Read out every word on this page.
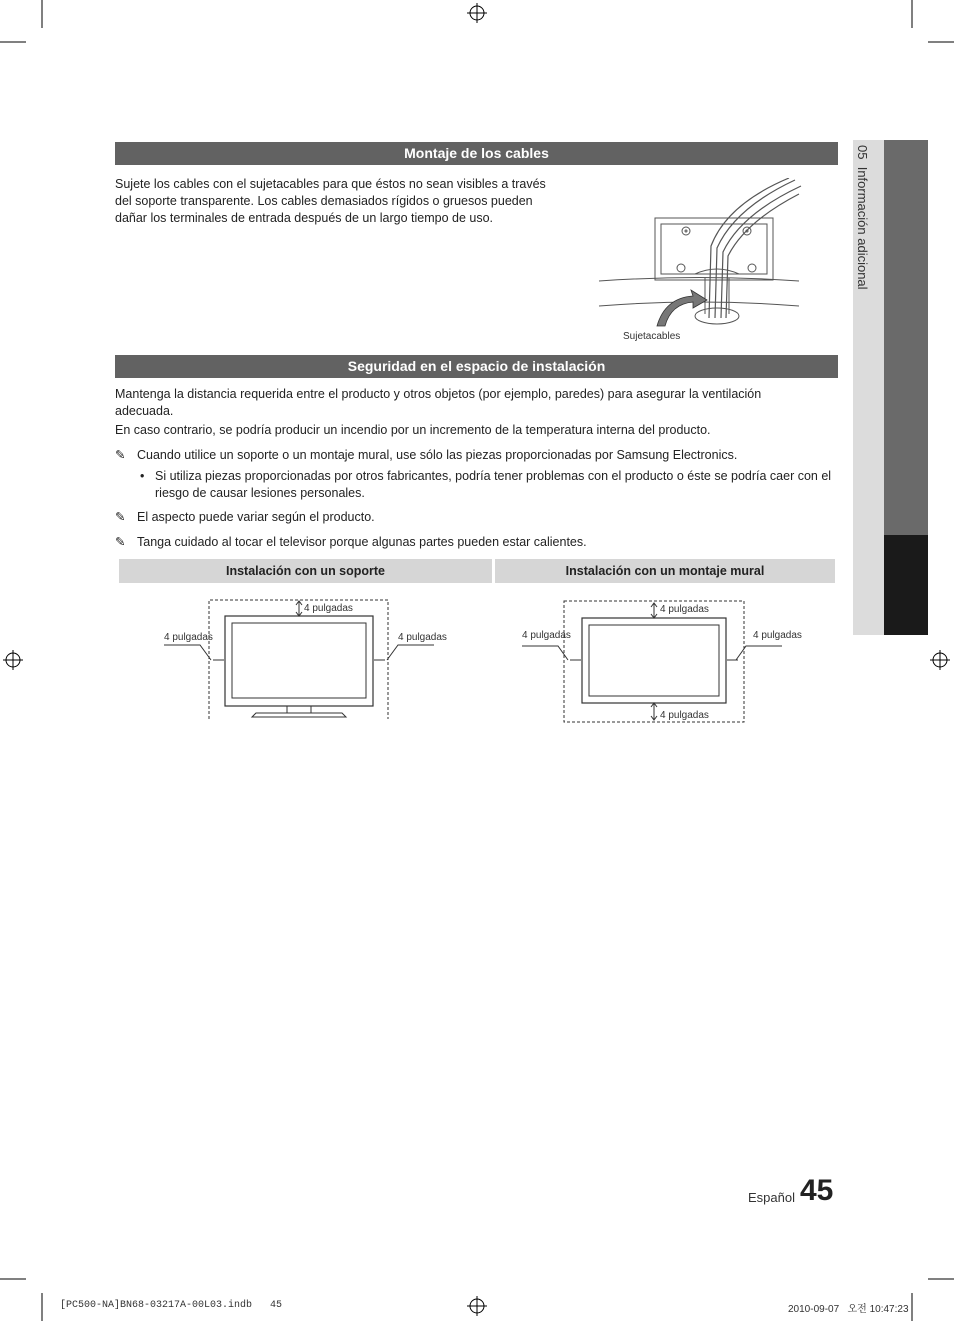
05  Información adicional
Montaje de los cables
Sujete los cables con el sujetacables para que éstos no sean visibles a través
del soporte transparente. Los cables demasiados rígidos o gruesos pueden
dañar los terminales de entrada después de un largo tiempo de uso.
Sujetacables
Seguridad en el espacio de instalación
Mantenga la distancia requerida entre el producto y otros objetos (por ejemplo, paredes) para asegurar la ventilación adecuada.
En caso contrario, se podría producir un incendio por un incremento de la temperatura interna del producto.
✎ Cuando utilice un soporte o un montaje mural, use sólo las piezas proporcionadas por Samsung Electronics.
• Si utiliza piezas proporcionadas por otros fabricantes, podría tener problemas con el producto o éste se podría caer con el riesgo de causar lesiones personales.
✎ El aspecto puede variar según el producto.
✎ Tanga cuidado al tocar el televisor porque algunas partes pueden estar calientes.
Instalación con un soporte	Instalación con un montaje mural
4 pulgadas
4 pulgadas	4 pulgadas
4 pulgadas
4 pulgadas	4 pulgadas
4 pulgadas
Español 45
[PC500-NA]BN68-03217A-00L03.indb   45	2010-09-07   오전 10:47:23
